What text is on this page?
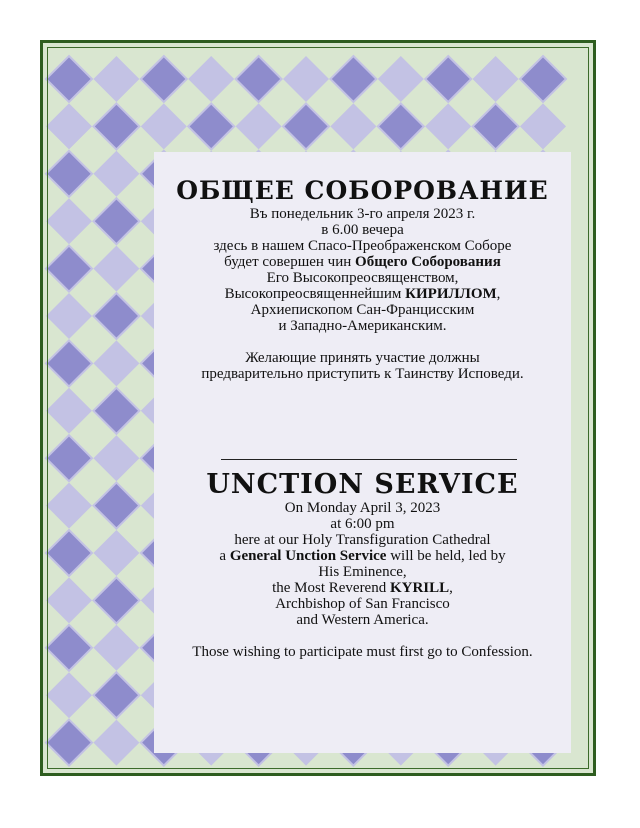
ОБЩЕЕ СОБОРОВАНИЕ
Въ понедельник 3-го апреля 2023 г.
в 6.00 вечера
здесь в нашем Спасо-Преображенском Соборе
будет совершен чин Общего Соборования
Его Высокопреосвященством,
Высокопреосвященнейшим КИРИЛЛОМ,
Архиепископом Сан-Францисским
и Западно-Американским.
Желающие принять участие должны
предварительно приступить к Таинству Исповеди.
UNCTION SERVICE
On Monday April 3, 2023
at 6:00 pm
here at our Holy Transfiguration Cathedral
a General Unction Service will be held, led by
His Eminence,
the Most Reverend KYRILL,
Archbishop of San Francisco
and Western America.
Those wishing to participate must first go to Confession.
